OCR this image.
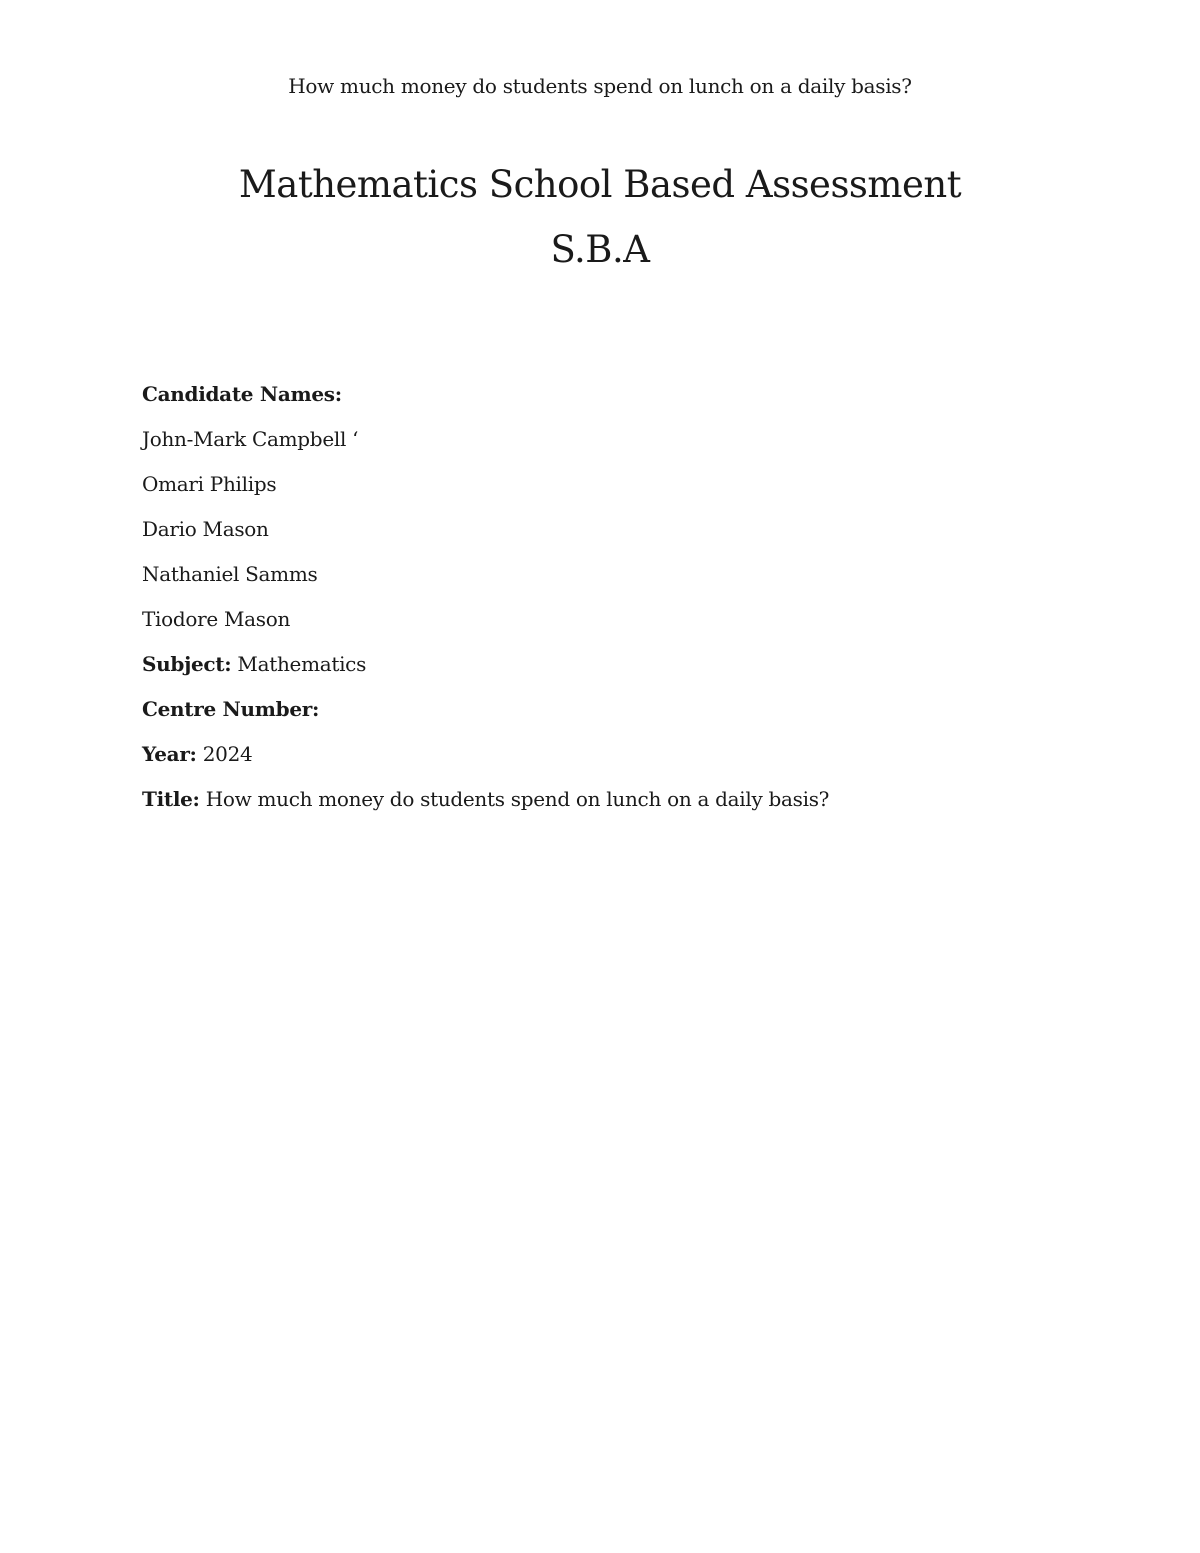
How much money do students spend on lunch on a daily basis?
Mathematics School Based Assessment
S.B.A
Candidate Names:
John-Mark Campbell ‘
Omari Philips
Dario Mason
Nathaniel Samms
Tiodore Mason
Subject: Mathematics
Centre Number:
Year: 2024
Title: How much money do students spend on lunch on a daily basis?
